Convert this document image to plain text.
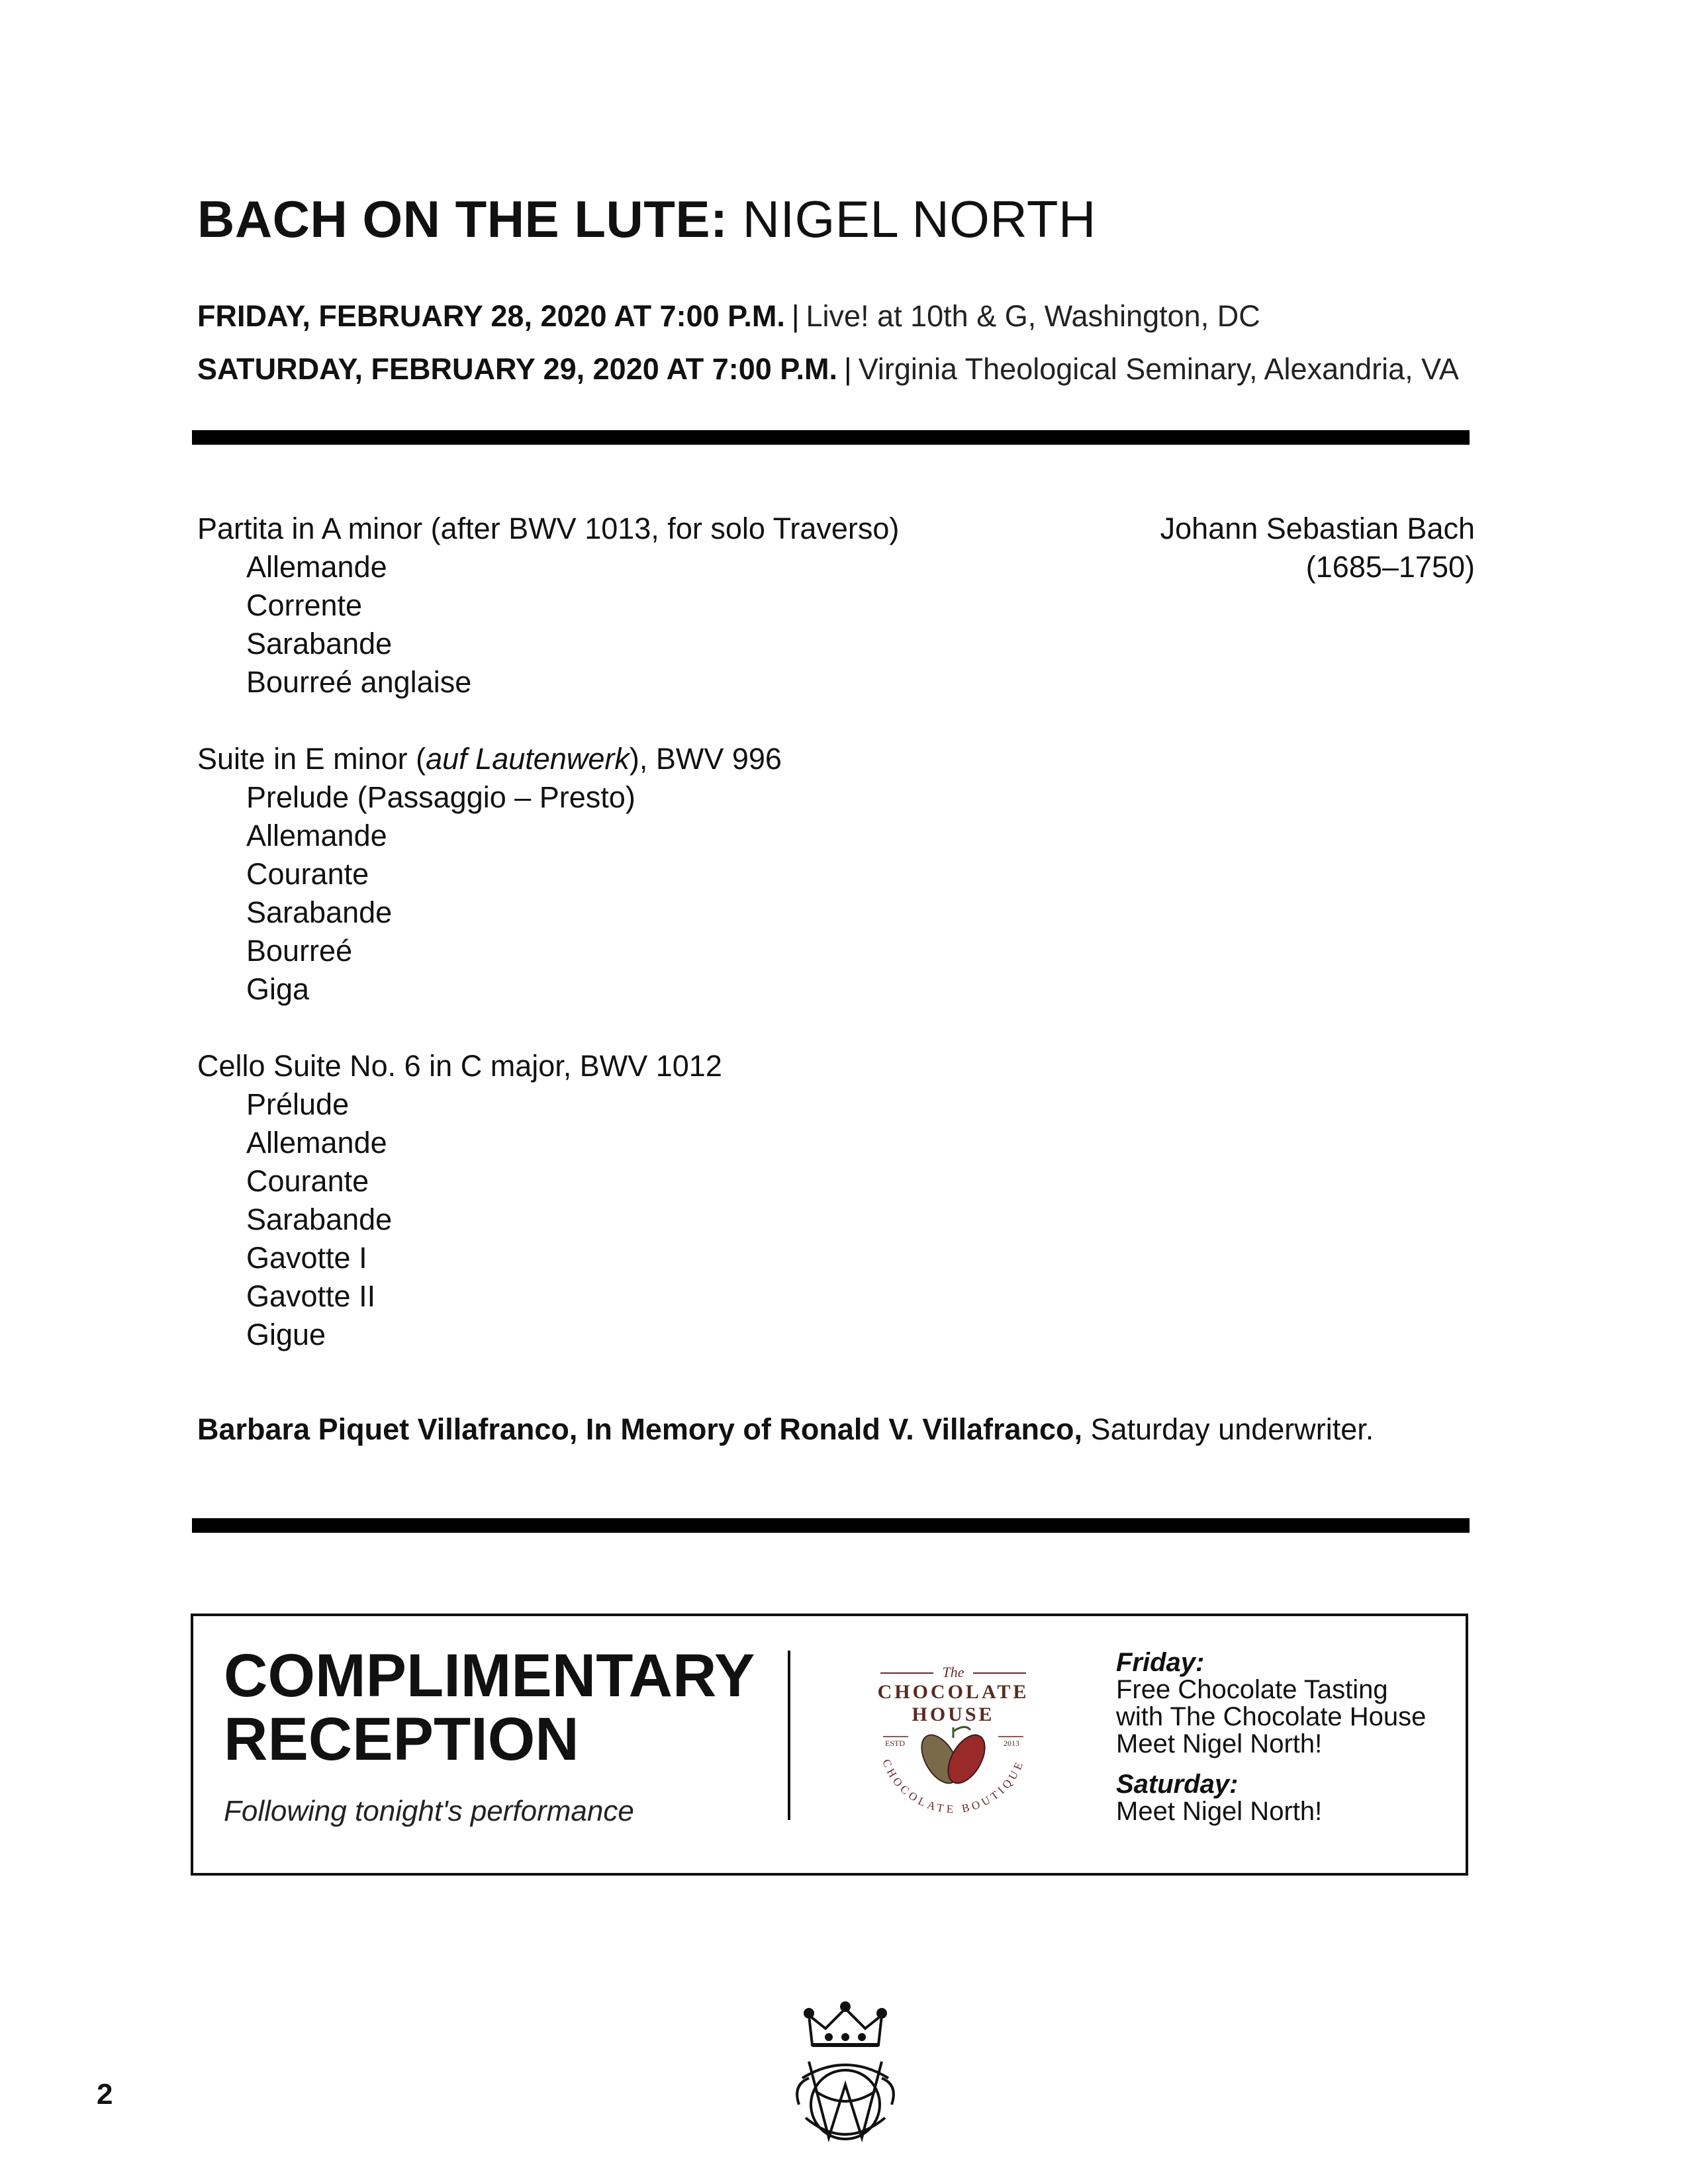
BACH ON THE LUTE: NIGEL NORTH
FRIDAY, FEBRUARY 28, 2020 AT 7:00 P.M. | Live! at 10th & G, Washington, DC
SATURDAY, FEBRUARY 29, 2020 AT 7:00 P.M. | Virginia Theological Seminary, Alexandria, VA
Johann Sebastian Bach
(1685–1750)
Partita in A minor (after BWV 1013, for solo Traverso)
Allemande
Corrente
Sarabande
Bourreé anglaise
Suite in E minor (auf Lautenwerk), BWV 996
Prelude (Passaggio – Presto)
Allemande
Courante
Sarabande
Bourreé
Giga
Cello Suite No. 6 in C major, BWV 1012
Prélude
Allemande
Courante
Sarabande
Gavotte I
Gavotte II
Gigue
Barbara Piquet Villafranco, In Memory of Ronald V. Villafranco, Saturday underwriter.
COMPLIMENTARY
RECEPTION
Following tonight's performance
The
CHOCOLATE
HOUSE
ESTD	2013
CHOCOLATE BOUTIQUE
Friday:
Free Chocolate Tasting
with The Chocolate House
Meet Nigel North!
Saturday:
Meet Nigel North!
2
